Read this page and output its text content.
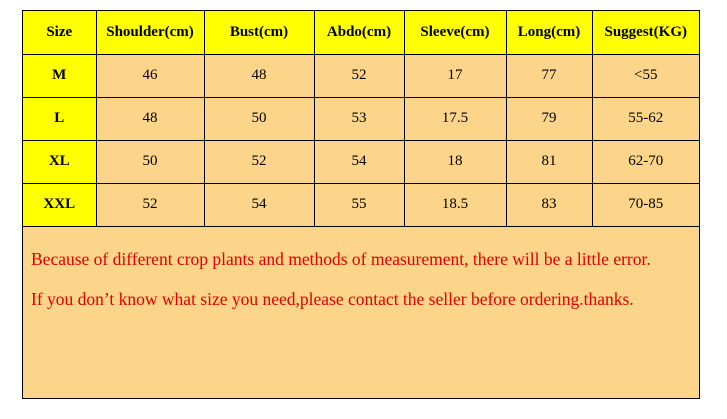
Size	Shoulder(cm)	Bust(cm)	Abdo(cm)	Sleeve(cm)	Long(cm)	Suggest(KG)
M	46	48	52	17	77	<55
L	48	50	53	17.5	79	55-62
XL	50	52	54	18	81	62-70
XXL	52	54	55	18.5	83	70-85

Because of different crop plants and methods of measurement, there will be a little error.

If you don’t know what size you need,please contact the seller before ordering.thanks.
